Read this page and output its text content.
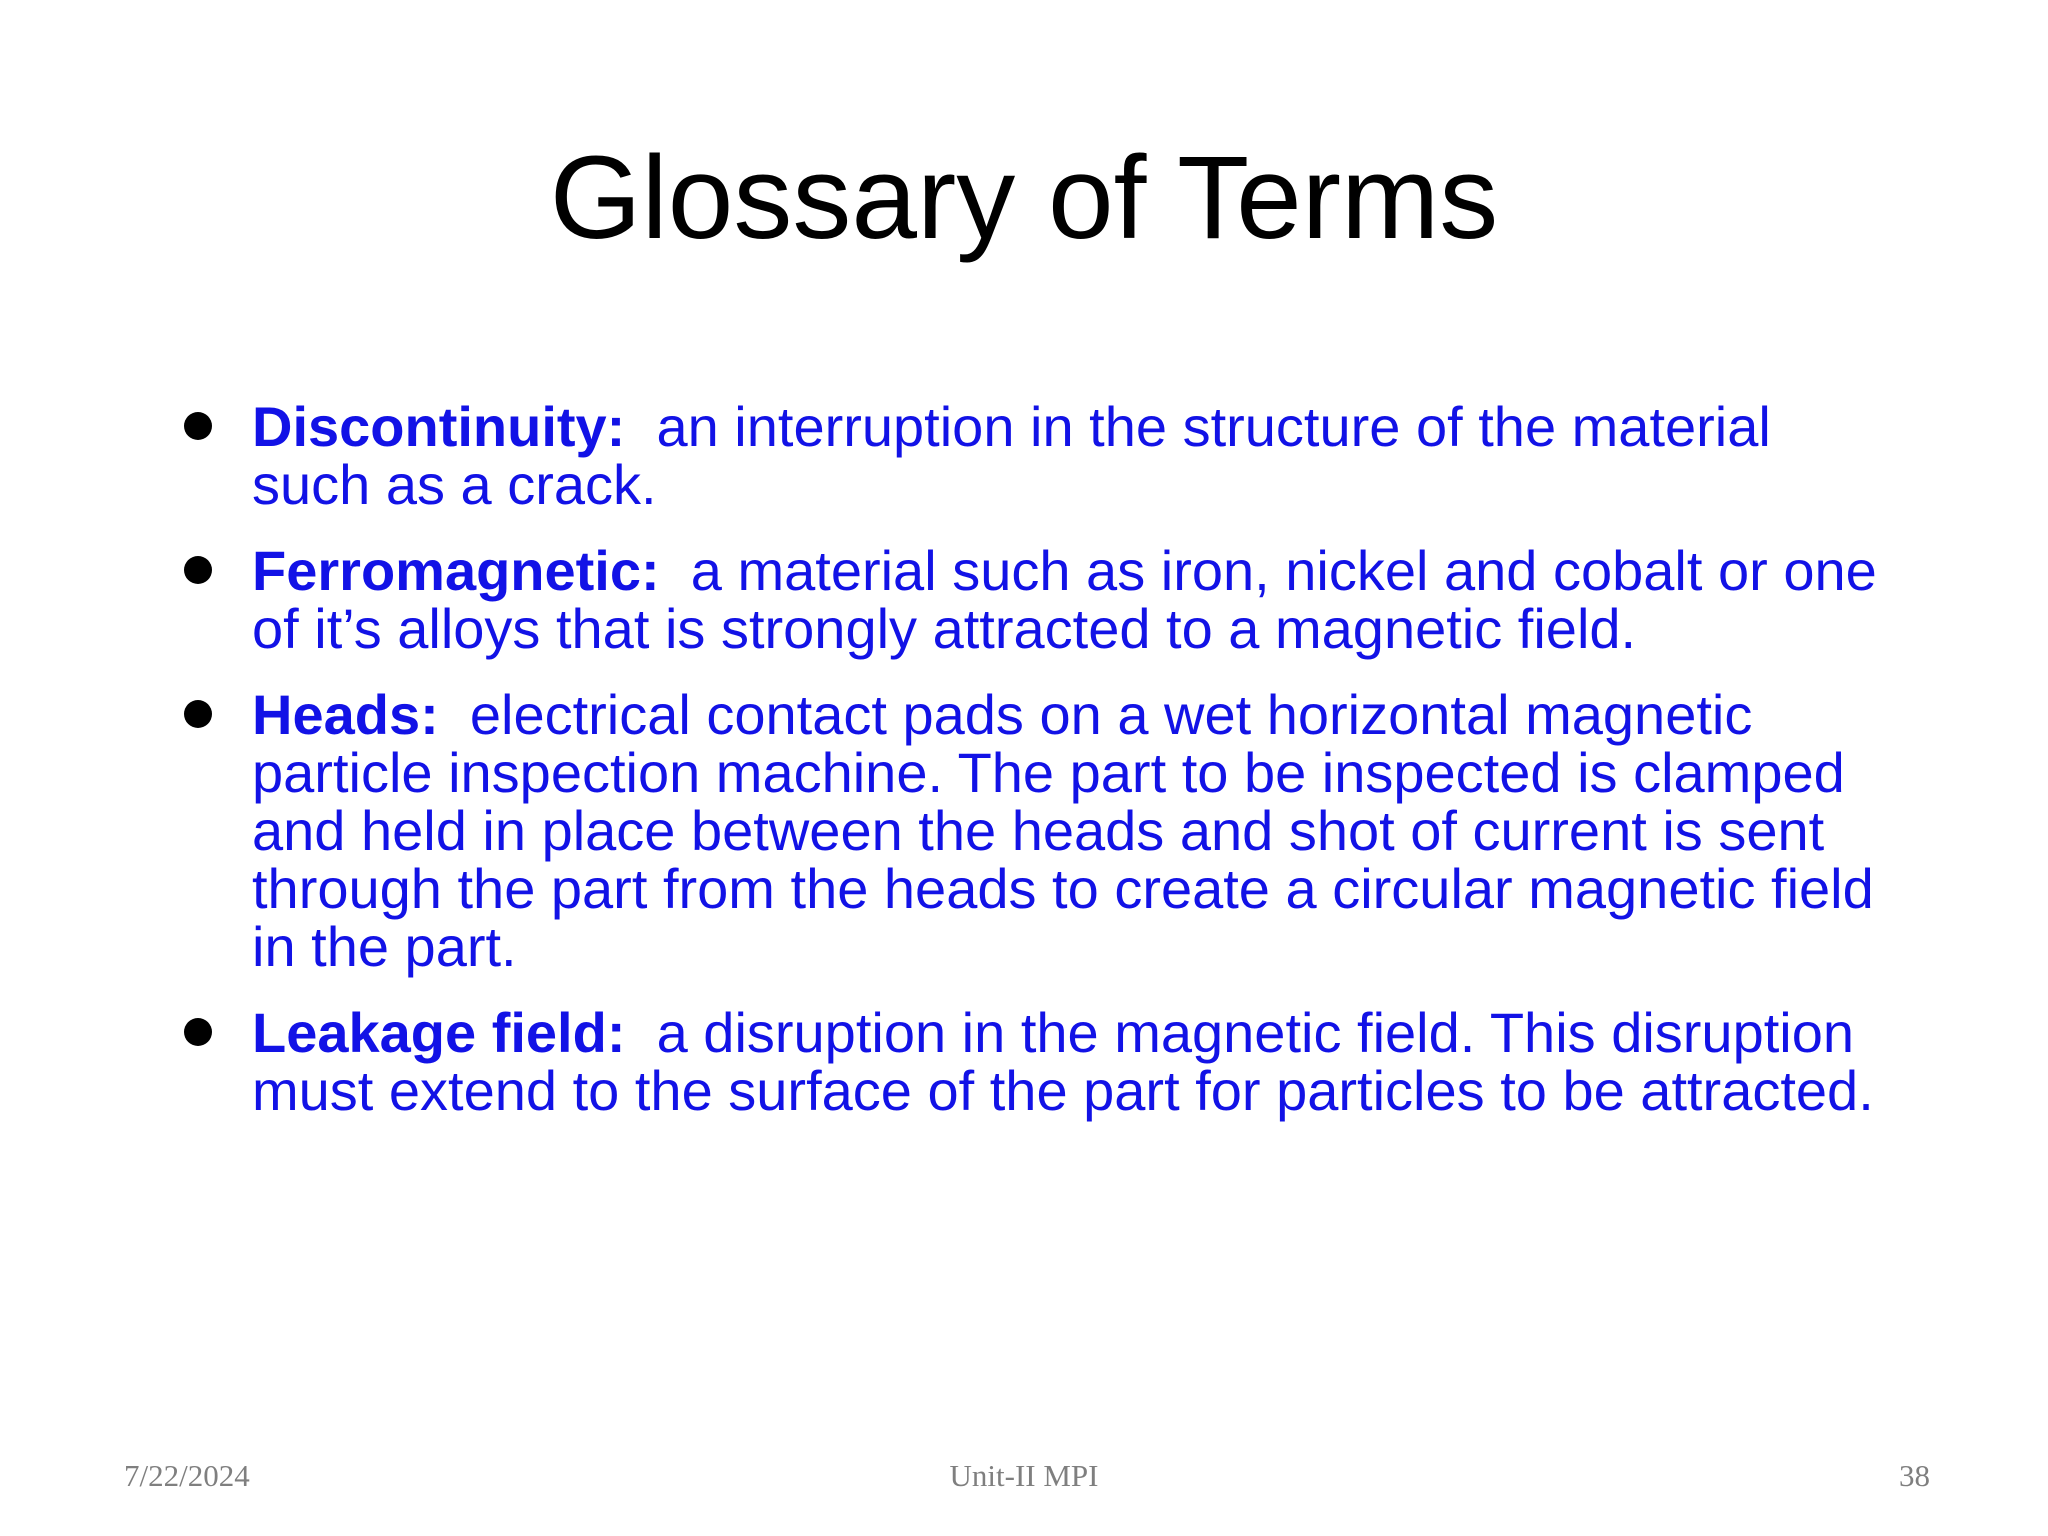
Glossary of Terms
Discontinuity: an interruption in the structure of the material such as a crack.
Ferromagnetic: a material such as iron, nickel and cobalt or one of it’s alloys that is strongly attracted to a magnetic field.
Heads: electrical contact pads on a wet horizontal magnetic particle inspection machine. The part to be inspected is clamped and held in place between the heads and shot of current is sent through the part from the heads to create a circular magnetic field in the part.
Leakage field: a disruption in the magnetic field. This disruption must extend to the surface of the part for particles to be attracted.
7/22/2024	Unit-II MPI	38
